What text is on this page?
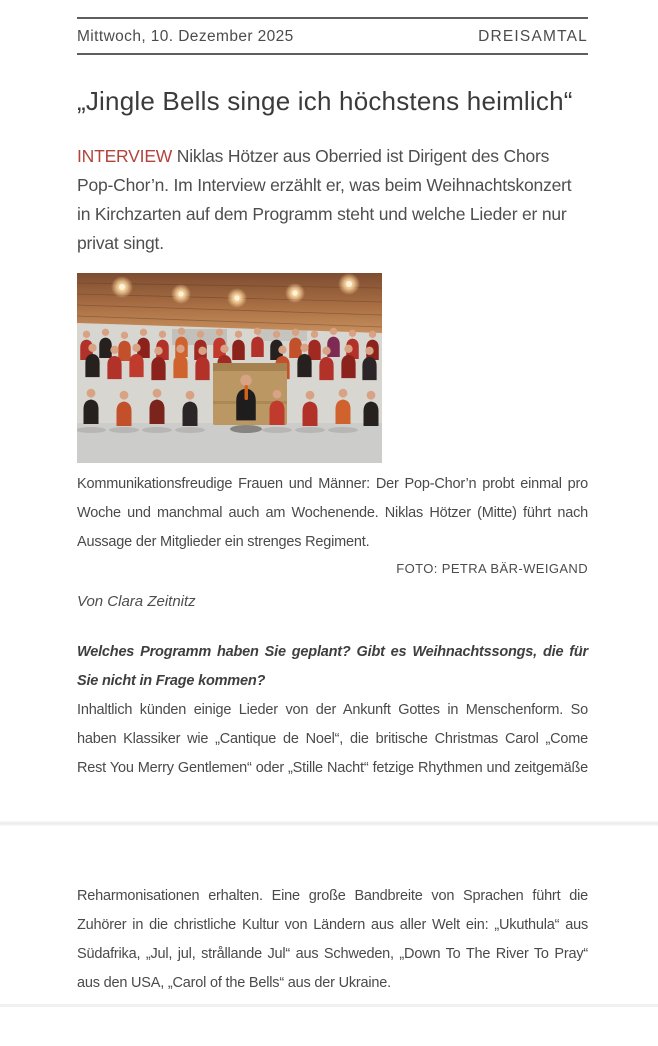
Mittwoch, 10. Dezember 2025	DREISAMTAL
„Jingle Bells singe ich höchstens heimlich“

INTERVIEW Niklas Hötzer aus Oberried ist Dirigent des Chors Pop-Chor’n. Im Interview erzählt er, was beim Weihnachtskonzert in Kirchzarten auf dem Programm steht und welche Lieder er nur privat singt.

Kommunikationsfreudige Frauen und Männer: Der Pop-Chor’n probt einmal pro Woche und manchmal auch am Wochenende. Niklas Hötzer (Mitte) führt nach Aussage der Mitglieder ein strenges Regiment.
FOTO: PETRA BÄR-WEIGAND

Von Clara Zeitnitz

Welches Programm haben Sie geplant? Gibt es Weihnachtssongs, die für Sie nicht in Frage kommen?

Inhaltlich künden einige Lieder von der Ankunft Gottes in Menschenform. So haben Klassiker wie „Cantique de Noel“, die britische Christmas Carol „Come Rest You Merry Gentlemen“ oder „Stille Nacht“ fetzige Rhythmen und zeitgemäße

Reharmonisationen erhalten. Eine große Bandbreite von Sprachen führt die Zuhörer in die christliche Kultur von Ländern aus aller Welt ein: „Ukuthula“ aus Südafrika, „Jul, jul, strållande Jul“ aus Schweden, „Down To The River To Pray“ aus den USA, „Carol of the Bells“ aus der Ukraine.
